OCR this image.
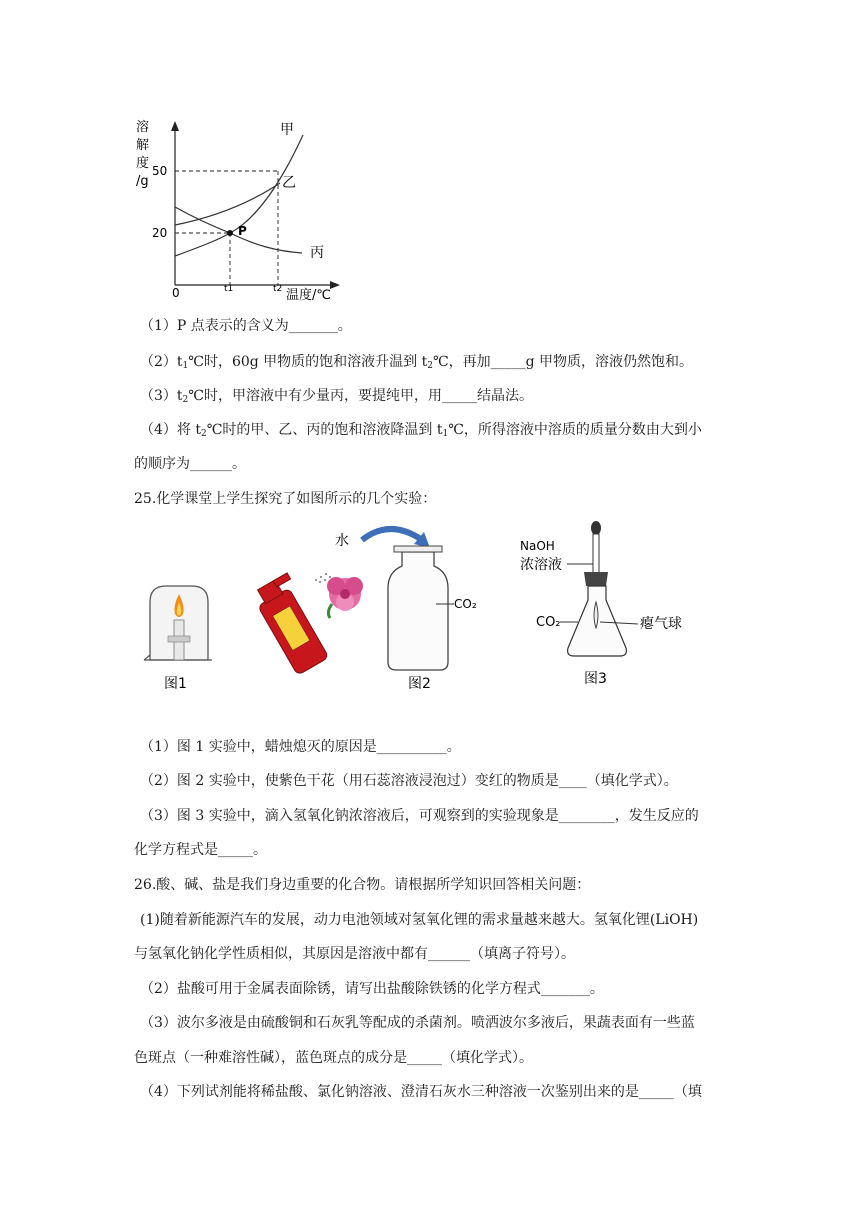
溶
解
度
/g
50
20
0	t1	t2 温度/℃
甲
乙
丙
P
（1）P 点表示的含义为_______。
$(2)t_1℃$时，60g 甲物质的饱和溶液升温到 $t_2℃$，再加_____g 甲物质，溶液仍然饱和。
$(3)t_2℃$时，甲溶液中有少量丙，要提纯甲，用_____结晶法。
（4）将 $t_2℃$时的甲、乙、丙的饱和溶液降温到 $t_1℃$，所得溶液中溶质的质量分数由大到小
的顺序为______。
25.化学课堂上学生探究了如图所示的几个实验：
图1
水
CO₂
图2
NaOH
浓溶液
瘪气球
CO₂
图3
（1）图 1 实验中，蜡烛熄灭的原因是__________。
（2）图 2 实验中，使紫色干花（用石蕊溶液浸泡过）变红的物质是____（填化学式）。
（3）图 3 实验中，滴入氢氧化钠浓溶液后，可观察到的实验现象是________，发生反应的
化学方程式是_____。
26.酸、碱、盐是我们身边重要的化合物。请根据所学知识回答相关问题：
(1)随着新能源汽车的发展，动力电池领域对氢氧化锂的需求量越来越大。氢氧化锂(LiOH)
与氢氧化钠化学性质相似，其原因是溶液中都有______（填离子符号）。
（2）盐酸可用于金属表面除锈，请写出盐酸除铁锈的化学方程式_______。
（3）波尔多液是由硫酸铜和石灰乳等配成的杀菌剂。喷洒波尔多液后，果蔬表面有一些蓝
色斑点（一种难溶性碱），蓝色斑点的成分是_____（填化学式）。
（4）下列试剂能将稀盐酸、氯化钠溶液、澄清石灰水三种溶液一次鉴别出来的是_____（填
